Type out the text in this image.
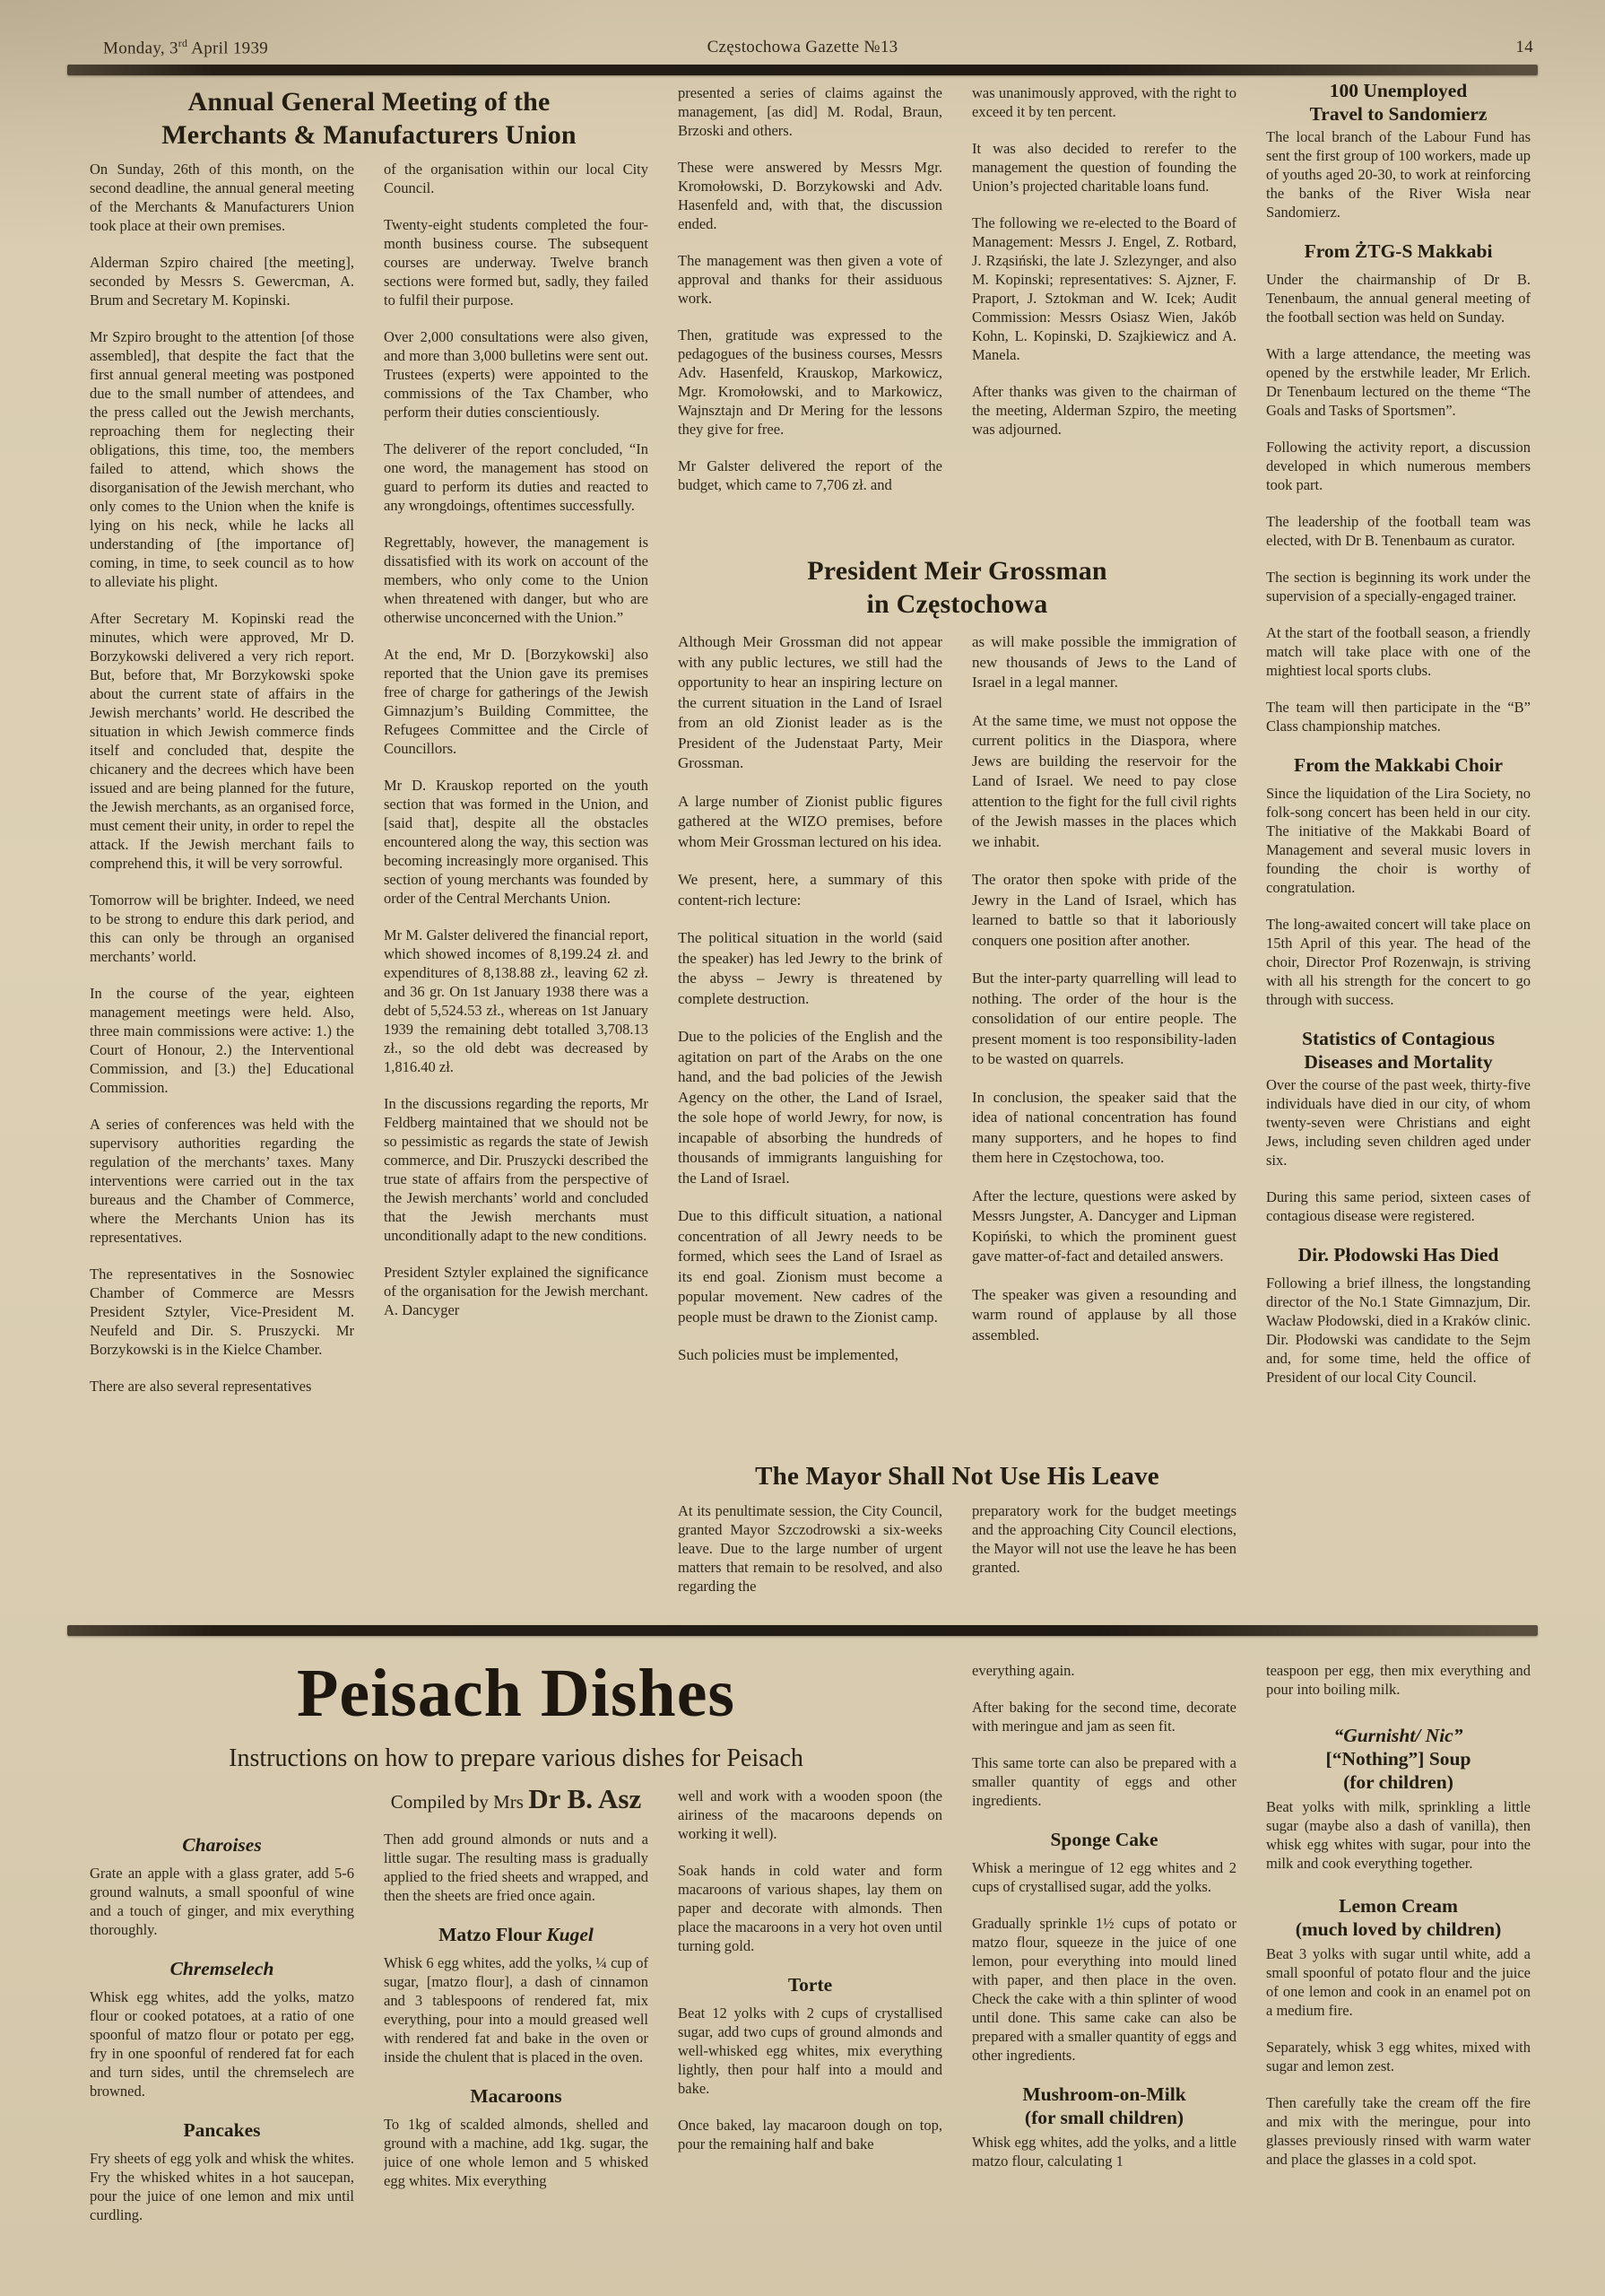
Monday, 3rd April 1939	Częstochowa Gazette №13	14
Annual General Meeting of the
Merchants & Manufacturers Union

On Sunday, 26th of this month, on the second deadline, the annual general meeting of the Merchants & Manufacturers Union took place at their own premises.

Alderman Szpiro chaired [the meeting], seconded by Messrs S. Gewercman, A. Brum and Secretary M. Kopinski.

Mr Szpiro brought to the attention [of those assembled], that despite the fact that the first annual general meeting was postponed due to the small number of attendees, and the press called out the Jewish merchants, reproaching them for neglecting their obligations, this time, too, the members failed to attend, which shows the disorganisation of the Jewish merchant, who only comes to the Union when the knife is lying on his neck, while he lacks all understanding of [the importance of] coming, in time, to seek council as to how to alleviate his plight.

After Secretary M. Kopinski read the minutes, which were approved, Mr D. Borzykowski delivered a very rich report. But, before that, Mr Borzykowski spoke about the current state of affairs in the Jewish merchants’ world. He described the situation in which Jewish commerce finds itself and concluded that, despite the chicanery and the decrees which have been issued and are being planned for the future, the Jewish merchants, as an organised force, must cement their unity, in order to repel the attack. If the Jewish merchant fails to comprehend this, it will be very sorrowful.

Tomorrow will be brighter. Indeed, we need to be strong to endure this dark period, and this can only be through an organised merchants’ world.

In the course of the year, eighteen management meetings were held. Also, three main commissions were active: 1.) the Court of Honour, 2.) the Interventional Commission, and [3.) the] Educational Commission.

A series of conferences was held with the supervisory authorities regarding the regulation of the merchants’ taxes. Many interventions were carried out in the tax bureaus and the Chamber of Commerce, where the Merchants Union has its representatives.

The representatives in the Sosnowiec Chamber of Commerce are Messrs President Sztyler, Vice-President M. Neufeld and Dir. S. Pruszycki. Mr Borzykowski is in the Kielce Chamber.

There are also several representatives

of the organisation within our local City Council.

Twenty-eight students completed the four-month business course. The subsequent courses are underway. Twelve branch sections were formed but, sadly, they failed to fulfil their purpose.

Over 2,000 consultations were also given, and more than 3,000 bulletins were sent out. Trustees (experts) were appointed to the commissions of the Tax Chamber, who perform their duties conscientiously.

The deliverer of the report concluded, “In one word, the management has stood on guard to perform its duties and reacted to any wrongdoings, oftentimes successfully.

Regrettably, however, the management is dissatisfied with its work on account of the members, who only come to the Union when threatened with danger, but who are otherwise unconcerned with the Union.”

At the end, Mr D. [Borzykowski] also reported that the Union gave its premises free of charge for gatherings of the Jewish Gimnazjum’s Building Committee, the Refugees Committee and the Circle of Councillors.

Mr D. Krauskop reported on the youth section that was formed in the Union, and [said that], despite all the obstacles encountered along the way, this section was becoming increasingly more organised. This section of young merchants was founded by order of the Central Merchants Union.

Mr M. Galster delivered the financial report, which showed incomes of 8,199.24 zł. and expenditures of 8,138.88 zł., leaving 62 zł. and 36 gr. On 1st January 1938 there was a debt of 5,524.53 zł., whereas on 1st January 1939 the remaining debt totalled 3,708.13 zł., so the old debt was decreased by 1,816.40 zł.

In the discussions regarding the reports, Mr Feldberg maintained that we should not be so pessimistic as regards the state of Jewish commerce, and Dir. Pruszycki described the true state of affairs from the perspective of the Jewish merchants’ world and concluded that the Jewish merchants must unconditionally adapt to the new conditions.

President Sztyler explained the significance of the organisation for the Jewish merchant. A. Dancyger

presented a series of claims against the management, [as did] M. Rodal, Braun, Brzoski and others.

These were answered by Messrs Mgr. Kromołowski, D. Borzykowski and Adv. Hasenfeld and, with that, the discussion ended.

The management was then given a vote of approval and thanks for their assiduous work.

Then, gratitude was expressed to the pedagogues of the business courses, Messrs Adv. Hasenfeld, Krauskop, Markowicz, Mgr. Kromołowski, and to Markowicz, Wajnsztajn and Dr Mering for the lessons they give for free.

Mr Galster delivered the report of the budget, which came to 7,706 zł. and

was unanimously approved, with the right to exceed it by ten percent.

It was also decided to rerefer to the management the question of founding the Union’s projected charitable loans fund.

The following we re-elected to the Board of Management: Messrs J. Engel, Z. Rotbard, J. Rząsiński, the late J. Szlezynger, and also M. Kopinski; representatives: S. Ajzner, F. Praport, J. Sztokman and W. Icek; Audit Commission: Messrs Osiasz Wien, Jakób Kohn, L. Kopinski, D. Szajkiewicz and A. Manela.

After thanks was given to the chairman of the meeting, Alderman Szpiro, the meeting was adjourned.

President Meir Grossman
in Częstochowa

Although Meir Grossman did not appear with any public lectures, we still had the opportunity to hear an inspiring lecture on the current situation in the Land of Israel from an old Zionist leader as is the President of the Judenstaat Party, Meir Grossman.

A large number of Zionist public figures gathered at the WIZO premises, before whom Meir Grossman lectured on his idea.

We present, here, a summary of this content-rich lecture:

The political situation in the world (said the speaker) has led Jewry to the brink of the abyss – Jewry is threatened by complete destruction.

Due to the policies of the English and the agitation on part of the Arabs on the one hand, and the bad policies of the Jewish Agency on the other, the Land of Israel, the sole hope of world Jewry, for now, is incapable of absorbing the hundreds of thousands of immigrants languishing for the Land of Israel.

Due to this difficult situation, a national concentration of all Jewry needs to be formed, which sees the Land of Israel as its end goal. Zionism must become a popular movement. New cadres of the people must be drawn to the Zionist camp.

Such policies must be implemented,

as will make possible the immigration of new thousands of Jews to the Land of Israel in a legal manner.

At the same time, we must not oppose the current politics in the Diaspora, where Jews are building the reservoir for the Land of Israel. We need to pay close attention to the fight for the full civil rights of the Jewish masses in the places which we inhabit.

The orator then spoke with pride of the Jewry in the Land of Israel, which has learned to battle so that it laboriously conquers one position after another.

But the inter-party quarrelling will lead to nothing. The order of the hour is the consolidation of our entire people. The present moment is too responsibility-laden to be wasted on quarrels.

In conclusion, the speaker said that the idea of national concentration has found many supporters, and he hopes to find them here in Częstochowa, too.

After the lecture, questions were asked by Messrs Jungster, A. Dancyger and Lipman Kopiński, to which the prominent guest gave matter-of-fact and detailed answers.

The speaker was given a resounding and warm round of applause by all those assembled.

The Mayor Shall Not Use His Leave

At its penultimate session, the City Council, granted Mayor Szczodrowski a six-weeks leave. Due to the large number of urgent matters that remain to be resolved, and also regarding the

preparatory work for the budget meetings and the approaching City Council elections, the Mayor will not use the leave he has been granted.

100 Unemployed
Travel to Sandomierz

The local branch of the Labour Fund has sent the first group of 100 workers, made up of youths aged 20-30, to work at reinforcing the banks of the River Wisła near Sandomierz.

From ŻTG-S Makkabi

Under the chairmanship of Dr B. Tenenbaum, the annual general meeting of the football section was held on Sunday.

With a large attendance, the meeting was opened by the erstwhile leader, Mr Erlich. Dr Tenenbaum lectured on the theme “The Goals and Tasks of Sportsmen”.

Following the activity report, a discussion developed in which numerous members took part.

The leadership of the football team was elected, with Dr B. Tenenbaum as curator.

The section is beginning its work under the supervision of a specially-engaged trainer.

At the start of the football season, a friendly match will take place with one of the mightiest local sports clubs.

The team will then participate in the “B” Class championship matches.

From the Makkabi Choir

Since the liquidation of the Lira Society, no folk-song concert has been held in our city. The initiative of the Makkabi Board of Management and several music lovers in founding the choir is worthy of congratulation.

The long-awaited concert will take place on 15th April of this year. The head of the choir, Director Prof Rozenwajn, is striving with all his strength for the concert to go through with success.

Statistics of Contagious
Diseases and Mortality

Over the course of the past week, thirty-five individuals have died in our city, of whom twenty-seven were Christians and eight Jews, including seven children aged under six.

During this same period, sixteen cases of contagious disease were registered.

Dir. Płodowski Has Died

Following a brief illness, the longstanding director of the No.1 State Gimnazjum, Dir. Wacław Płodowski, died in a Kraków clinic. Dir. Płodowski was candidate to the Sejm and, for some time, held the office of President of our local City Council.

Peisach Dishes
Instructions on how to prepare various dishes for Peisach
Compiled by Mrs Dr B. Asz
Charoises

Grate an apple with a glass grater, add 5-6 ground walnuts, a small spoonful of wine and a touch of ginger, and mix everything thoroughly.

Chremselech

Whisk egg whites, add the yolks, matzo flour or cooked potatoes, at a ratio of one spoonful of matzo flour or potato per egg, fry in one spoonful of rendered fat for each and turn sides, until the chremselech are browned.

Pancakes

Fry sheets of egg yolk and whisk the whites. Fry the whisked whites in a hot saucepan, pour the juice of one lemon and mix until curdling.

Then add ground almonds or nuts and a little sugar. The resulting mass is gradually applied to the fried sheets and wrapped, and then the sheets are fried once again.

Matzo Flour Kugel

Whisk 6 egg whites, add the yolks, ¼ cup of sugar, [matzo flour], a dash of cinnamon and 3 tablespoons of rendered fat, mix everything, pour into a mould greased well with rendered fat and bake in the oven or inside the chulent that is placed in the oven.

Macaroons

To 1kg of scalded almonds, shelled and ground with a machine, add 1kg. sugar, the juice of one whole lemon and 5 whisked egg whites. Mix everything

well and work with a wooden spoon (the airiness of the macaroons depends on working it well).

Soak hands in cold water and form macaroons of various shapes, lay them on paper and decorate with almonds. Then place the macaroons in a very hot oven until turning gold.

Torte

Beat 12 yolks with 2 cups of crystallised sugar, add two cups of ground almonds and well-whisked egg whites, mix everything lightly, then pour half into a mould and bake.

Once baked, lay macaroon dough on top, pour the remaining half and bake

everything again.

After baking for the second time, decorate with meringue and jam as seen fit.

This same torte can also be prepared with a smaller quantity of eggs and other ingredients.

Sponge Cake

Whisk a meringue of 12 egg whites and 2 cups of crystallised sugar, add the yolks.

Gradually sprinkle 1½ cups of potato or matzo flour, squeeze in the juice of one lemon, pour everything into mould lined with paper, and then place in the oven. Check the cake with a thin splinter of wood until done. This same cake can also be prepared with a smaller quantity of eggs and other ingredients.

Mushroom-on-Milk
(for small children)

Whisk egg whites, add the yolks, and a little matzo flour, calculating 1

teaspoon per egg, then mix everything and pour into boiling milk.

“Gurnisht/ Nic”
[“Nothing”] Soup
(for children)

Beat yolks with milk, sprinkling a little sugar (maybe also a dash of vanilla), then whisk egg whites with sugar, pour into the milk and cook everything together.

Lemon Cream
(much loved by children)

Beat 3 yolks with sugar until white, add a small spoonful of potato flour and the juice of one lemon and cook in an enamel pot on a medium fire.

Separately, whisk 3 egg whites, mixed with sugar and lemon zest.

Then carefully take the cream off the fire and mix with the meringue, pour into glasses previously rinsed with warm water and place the glasses in a cold spot.
